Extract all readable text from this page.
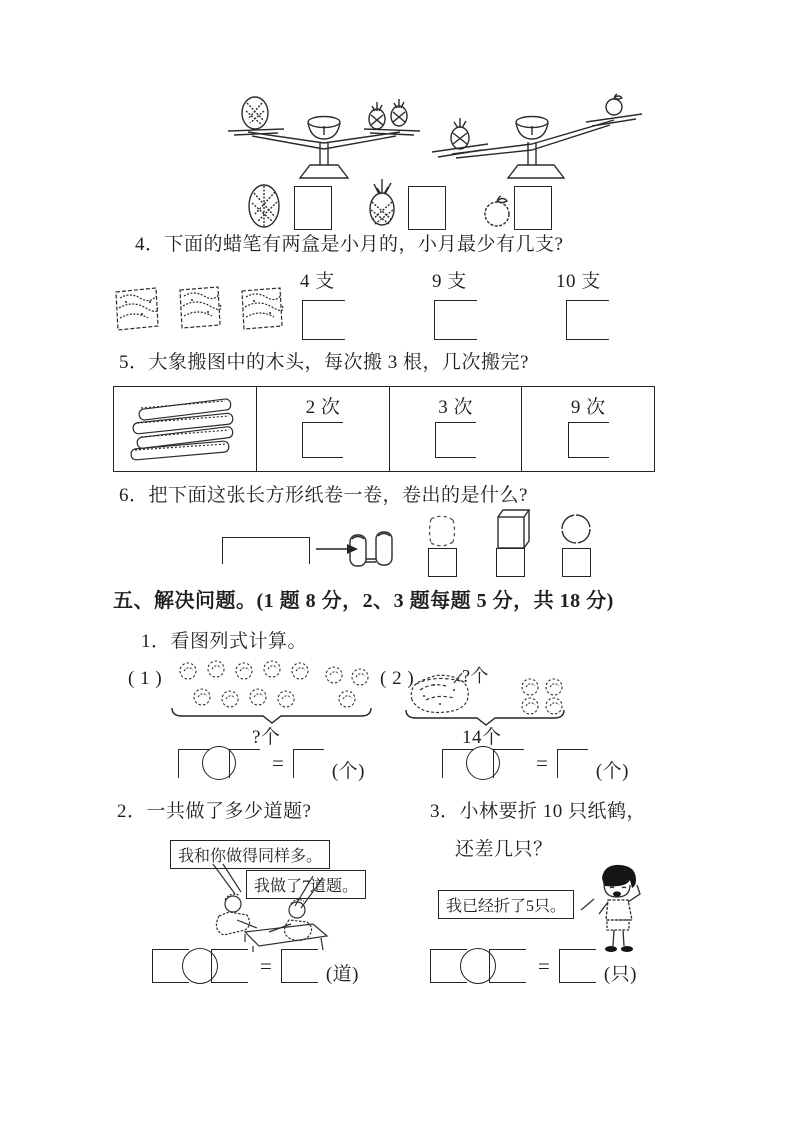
4．下面的蜡笔有两盒是小月的，小月最少有几支?
4 支	9 支	10 支
5．大象搬图中的木头，每次搬 3 根，几次搬完?
2 次	3 次	9 次
6．把下面这张长方形纸卷一卷，卷出的是什么?
五、解决问题。(1 题 8 分，2、3 题每题 5 分，共 18 分)
1．看图列式计算。
( 1 )
?个
( 2 )	?个
14个
=	(个)	=	(个)
2．一共做了多少道题?	3．小林要折 10 只纸鹤，
还差几只？
我和你做得同样多。
我做了7道题。
我已经折了5只。
=	(道)	=	(只)
